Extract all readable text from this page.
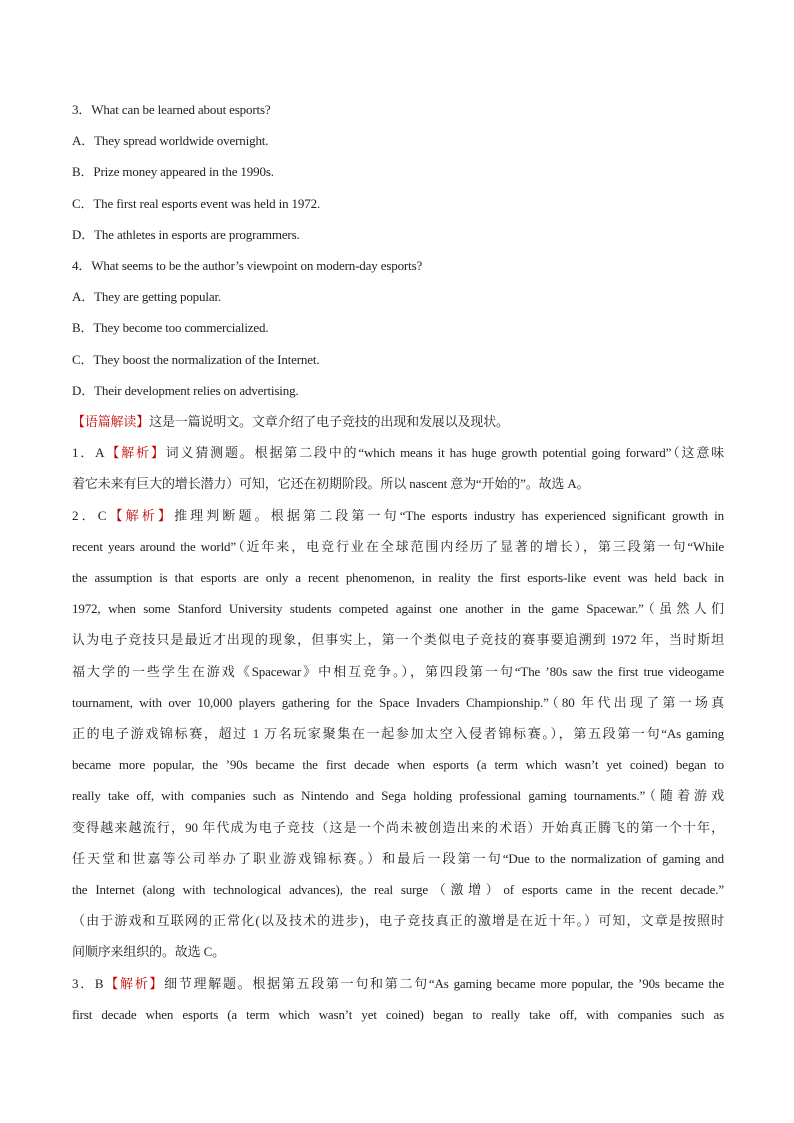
3．What can be learned about esports?
A．They spread worldwide overnight.
B．Prize money appeared in the 1990s.
C．The first real esports event was held in 1972.
D．The athletes in esports are programmers.
4．What seems to be the author’s viewpoint on modern-day esports?
A．They are getting popular.
B．They become too commercialized.
C．They boost the normalization of the Internet.
D．Their development relies on advertising.
【语篇解读】这是一篇说明文。文章介绍了电子竞技的出现和发展以及现状。
1．A【解析】词义猜测题。根据第二段中的“which means it has huge growth potential going forward”（这意味
着它未来有巨大的增长潜力）可知，它还在初期阶段。所以 nascent 意为“开始的”。故选 A。
2．C【解析】推理判断题。根据第二段第一句“The esports industry has experienced significant growth in
recent years around the world”（近年来，电竞行业在全球范围内经历了显著的增长），第三段第一句“While
the assumption is that esports are only a recent phenomenon, in reality the first esports-like event was held back in
1972, when some Stanford University students competed against one another in the game Spacewar.”（虽然人们
认为电子竞技只是最近才出现的现象，但事实上，第一个类似电子竞技的赛事要追溯到 1972 年，当时斯坦
福大学的一些学生在游戏《Spacewar》中相互竞争。），第四段第一句“The ’80s saw the first true videogame
tournament, with over 10,000 players gathering for the Space Invaders Championship.”（80 年代出现了第一场真
正的电子游戏锦标赛，超过 1 万名玩家聚集在一起参加太空入侵者锦标赛。），第五段第一句“As gaming
became more popular, the ’90s became the first decade when esports (a term which wasn’t yet coined) began to
really take off, with companies such as Nintendo and Sega holding professional gaming tournaments.”（随着游戏
变得越来越流行，90 年代成为电子竞技（这是一个尚未被创造出来的术语）开始真正腾飞的第一个十年，
任天堂和世嘉等公司举办了职业游戏锦标赛。）和最后一段第一句“Due to the normalization of gaming and
the Internet (along with technological advances), the real surge（激增）of esports came in the recent decade.”
（由于游戏和互联网的正常化(以及技术的进步)，电子竞技真正的激增是在近十年。）可知，文章是按照时
间顺序来组织的。故选 C。
3．B【解析】细节理解题。根据第五段第一句和第二句“As gaming became more popular, the ’90s became the
first decade when esports (a term which wasn’t yet coined) began to really take off, with companies such as
